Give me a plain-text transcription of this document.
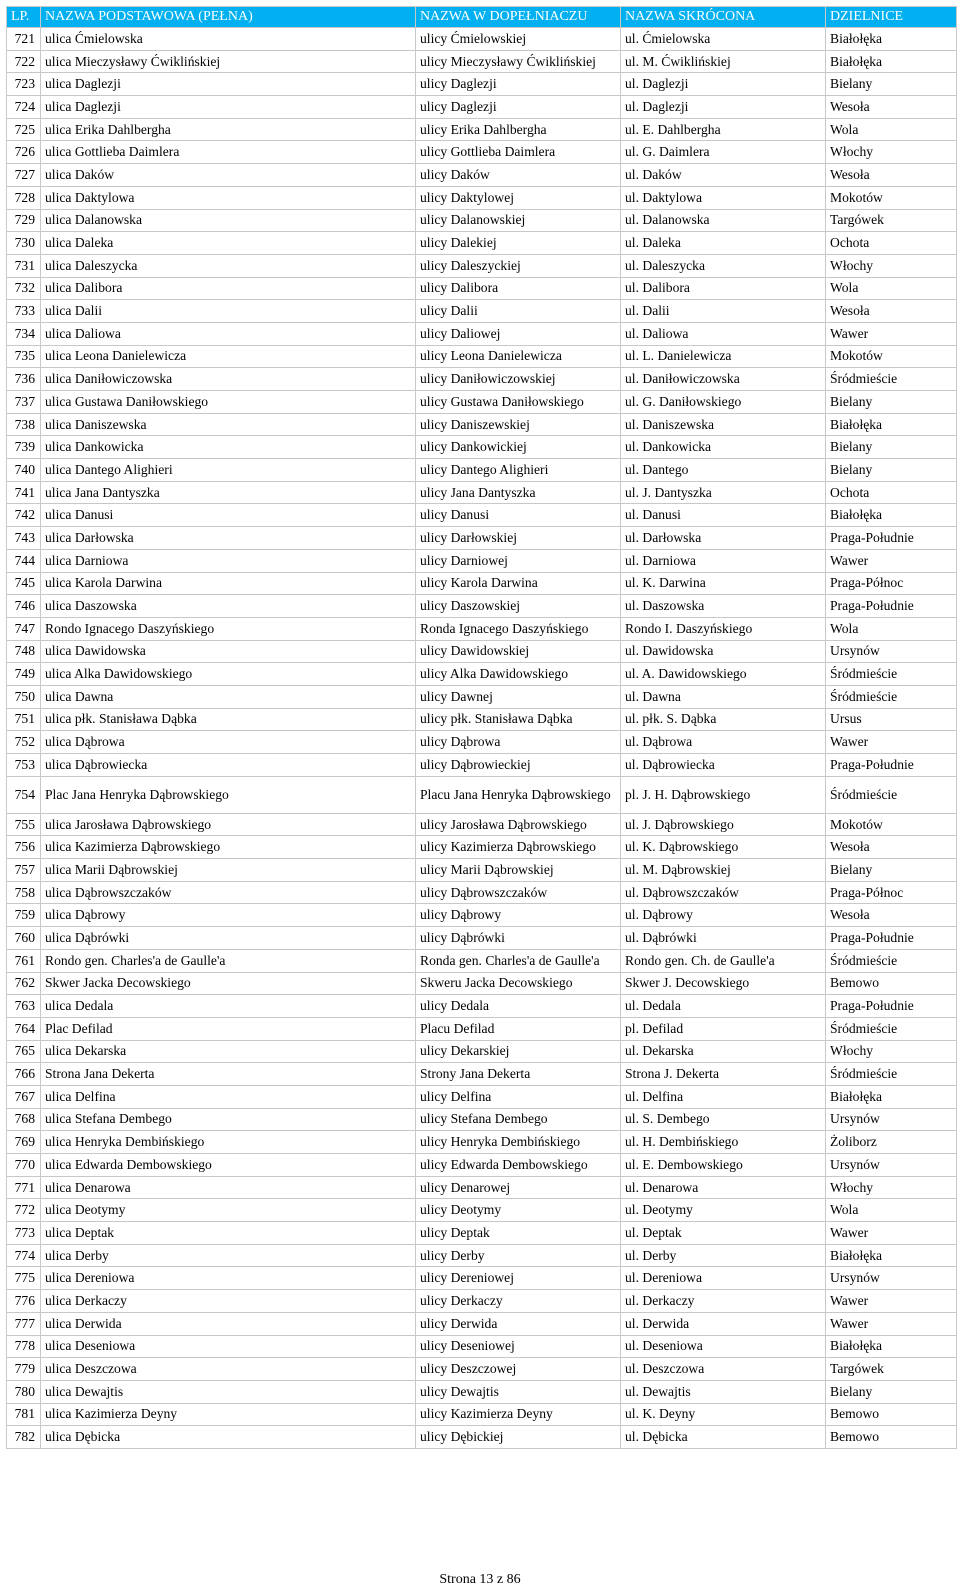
LP.	NAZWA PODSTAWOWA (PEŁNA)	NAZWA W DOPEŁNIACZU	NAZWA SKRÓCONA	DZIELNICE
721	ulica Ćmielowska	ulicy Ćmielowskiej	ul. Ćmielowska	Białołęka
722	ulica Mieczysławy Ćwiklińskiej	ulicy Mieczysławy Ćwiklińskiej	ul. M. Ćwiklińskiej	Białołęka
723	ulica Daglezji	ulicy Daglezji	ul. Daglezji	Bielany
724	ulica Daglezji	ulicy Daglezji	ul. Daglezji	Wesoła
725	ulica Erika Dahlbergha	ulicy Erika Dahlbergha	ul. E. Dahlbergha	Wola
726	ulica Gottlieba Daimlera	ulicy Gottlieba Daimlera	ul. G. Daimlera	Włochy
727	ulica Daków	ulicy Daków	ul. Daków	Wesoła
728	ulica Daktylowa	ulicy Daktylowej	ul. Daktylowa	Mokotów
729	ulica Dalanowska	ulicy Dalanowskiej	ul. Dalanowska	Targówek
730	ulica Daleka	ulicy Dalekiej	ul. Daleka	Ochota
731	ulica Daleszycka	ulicy Daleszyckiej	ul. Daleszycka	Włochy
732	ulica Dalibora	ulicy Dalibora	ul. Dalibora	Wola
733	ulica Dalii	ulicy Dalii	ul. Dalii	Wesoła
734	ulica Daliowa	ulicy Daliowej	ul. Daliowa	Wawer
735	ulica Leona Danielewicza	ulicy Leona Danielewicza	ul. L. Danielewicza	Mokotów
736	ulica Daniłowiczowska	ulicy Daniłowiczowskiej	ul. Daniłowiczowska	Śródmieście
737	ulica Gustawa Daniłowskiego	ulicy Gustawa Daniłowskiego	ul. G. Daniłowskiego	Bielany
738	ulica Daniszewska	ulicy Daniszewskiej	ul. Daniszewska	Białołęka
739	ulica Dankowicka	ulicy Dankowickiej	ul. Dankowicka	Bielany
740	ulica Dantego Alighieri	ulicy Dantego Alighieri	ul. Dantego	Bielany
741	ulica Jana Dantyszka	ulicy Jana Dantyszka	ul. J. Dantyszka	Ochota
742	ulica Danusi	ulicy Danusi	ul. Danusi	Białołęka
743	ulica Darłowska	ulicy Darłowskiej	ul. Darłowska	Praga-Południe
744	ulica Darniowa	ulicy Darniowej	ul. Darniowa	Wawer
745	ulica Karola Darwina	ulicy Karola Darwina	ul. K. Darwina	Praga-Północ
746	ulica Daszowska	ulicy Daszowskiej	ul. Daszowska	Praga-Południe
747	Rondo Ignacego Daszyńskiego	Ronda Ignacego Daszyńskiego	Rondo I. Daszyńskiego	Wola
748	ulica Dawidowska	ulicy Dawidowskiej	ul. Dawidowska	Ursynów
749	ulica Alka Dawidowskiego	ulicy Alka Dawidowskiego	ul. A. Dawidowskiego	Śródmieście
750	ulica Dawna	ulicy Dawnej	ul. Dawna	Śródmieście
751	ulica płk. Stanisława Dąbka	ulicy płk. Stanisława Dąbka	ul. płk. S. Dąbka	Ursus
752	ulica Dąbrowa	ulicy Dąbrowa	ul. Dąbrowa	Wawer
753	ulica Dąbrowiecka	ulicy Dąbrowieckiej	ul. Dąbrowiecka	Praga-Południe
754	Plac Jana Henryka Dąbrowskiego	Placu Jana Henryka Dąbrowskiego	pl. J. H. Dąbrowskiego	Śródmieście
755	ulica Jarosława Dąbrowskiego	ulicy Jarosława Dąbrowskiego	ul. J. Dąbrowskiego	Mokotów
756	ulica Kazimierza Dąbrowskiego	ulicy Kazimierza Dąbrowskiego	ul. K. Dąbrowskiego	Wesoła
757	ulica Marii Dąbrowskiej	ulicy Marii Dąbrowskiej	ul. M. Dąbrowskiej	Bielany
758	ulica Dąbrowszczaków	ulicy Dąbrowszczaków	ul. Dąbrowszczaków	Praga-Północ
759	ulica Dąbrowy	ulicy Dąbrowy	ul. Dąbrowy	Wesoła
760	ulica Dąbrówki	ulicy Dąbrówki	ul. Dąbrówki	Praga-Południe
761	Rondo gen. Charles'a de Gaulle'a	Ronda gen. Charles'a de Gaulle'a	Rondo gen. Ch. de Gaulle'a	Śródmieście
762	Skwer Jacka Decowskiego	Skweru Jacka Decowskiego	Skwer J. Decowskiego	Bemowo
763	ulica Dedala	ulicy Dedala	ul. Dedala	Praga-Południe
764	Plac Defilad	Placu Defilad	pl. Defilad	Śródmieście
765	ulica Dekarska	ulicy Dekarskiej	ul. Dekarska	Włochy
766	Strona Jana Dekerta	Strony Jana Dekerta	Strona J. Dekerta	Śródmieście
767	ulica Delfina	ulicy Delfina	ul. Delfina	Białołęka
768	ulica Stefana Dembego	ulicy Stefana Dembego	ul. S. Dembego	Ursynów
769	ulica Henryka Dembińskiego	ulicy Henryka Dembińskiego	ul. H. Dembińskiego	Żoliborz
770	ulica Edwarda Dembowskiego	ulicy Edwarda Dembowskiego	ul. E. Dembowskiego	Ursynów
771	ulica Denarowa	ulicy Denarowej	ul. Denarowa	Włochy
772	ulica Deotymy	ulicy Deotymy	ul. Deotymy	Wola
773	ulica Deptak	ulicy Deptak	ul. Deptak	Wawer
774	ulica Derby	ulicy Derby	ul. Derby	Białołęka
775	ulica Dereniowa	ulicy Dereniowej	ul. Dereniowa	Ursynów
776	ulica Derkaczy	ulicy Derkaczy	ul. Derkaczy	Wawer
777	ulica Derwida	ulicy Derwida	ul. Derwida	Wawer
778	ulica Deseniowa	ulicy Deseniowej	ul. Deseniowa	Białołęka
779	ulica Deszczowa	ulicy Deszczowej	ul. Deszczowa	Targówek
780	ulica Dewajtis	ulicy Dewajtis	ul. Dewajtis	Bielany
781	ulica Kazimierza Deyny	ulicy Kazimierza Deyny	ul. K. Deyny	Bemowo
782	ulica Dębicka	ulicy Dębickiej	ul. Dębicka	Bemowo
Strona 13 z 86
